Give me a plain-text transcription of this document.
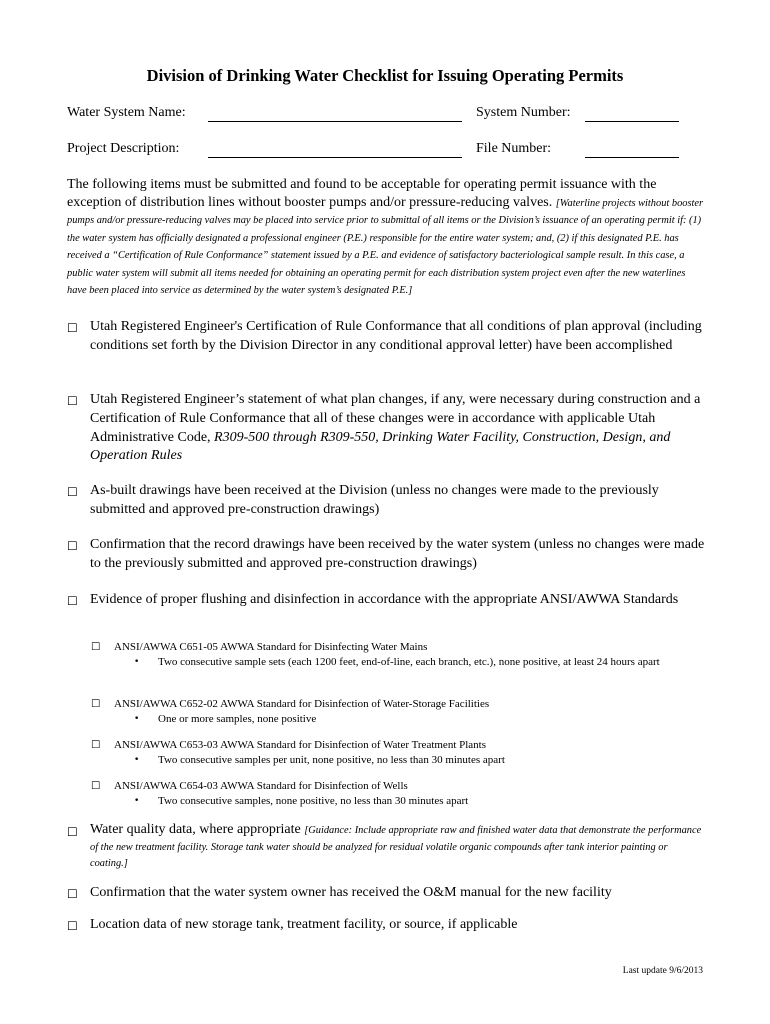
Division of Drinking Water Checklist for Issuing Operating Permits
Water System Name:	System Number:
Project Description:	File Number:
The following items must be submitted and found to be acceptable for operating permit issuance with the exception of distribution lines without booster pumps and/or pressure-reducing valves. [Waterline projects without booster pumps and/or pressure-reducing valves may be placed into service prior to submittal of all items or the Division’s issuance of an operating permit if: (1) the water system has officially designated a professional engineer (P.E.) responsible for the entire water system; and, (2) if this designated P.E. has received a “Certification of Rule Conformance” statement issued by a P.E. and evidence of satisfactory bacteriological sample result. In this case, a public water system will submit all items needed for obtaining an operating permit for each distribution system project even after the new waterlines have been placed into service as determined by the water system’s designated P.E.]
☐ Utah Registered Engineer's Certification of Rule Conformance that all conditions of plan approval (including conditions set forth by the Division Director in any conditional approval letter) have been accomplished
☐ Utah Registered Engineer’s statement of what plan changes, if any, were necessary during construction and a Certification of Rule Conformance that all of these changes were in accordance with applicable Utah Administrative Code, R309-500 through R309-550, Drinking Water Facility, Construction, Design, and Operation Rules
☐ As-built drawings have been received at the Division (unless no changes were made to the previously submitted and approved pre-construction drawings)
☐ Confirmation that the record drawings have been received by the water system (unless no changes were made to the previously submitted and approved pre-construction drawings)
☐ Evidence of proper flushing and disinfection in accordance with the appropriate ANSI/AWWA Standards
☐ ANSI/AWWA C651-05 AWWA Standard for Disinfecting Water Mains
• Two consecutive sample sets (each 1200 feet, end-of-line, each branch, etc.), none positive, at least 24 hours apart
☐ ANSI/AWWA C652-02 AWWA Standard for Disinfection of Water-Storage Facilities
• One or more samples, none positive
☐ ANSI/AWWA C653-03 AWWA Standard for Disinfection of Water Treatment Plants
• Two consecutive samples per unit, none positive, no less than 30 minutes apart
☐ ANSI/AWWA C654-03 AWWA Standard for Disinfection of Wells
• Two consecutive samples, none positive, no less than 30 minutes apart
☐ Water quality data, where appropriate [Guidance: Include appropriate raw and finished water data that demonstrate the performance of the new treatment facility. Storage tank water should be analyzed for residual volatile organic compounds after tank interior painting or coating.]
☐ Confirmation that the water system owner has received the O&M manual for the new facility
☐ Location data of new storage tank, treatment facility, or source, if applicable
Last update 9/6/2013
